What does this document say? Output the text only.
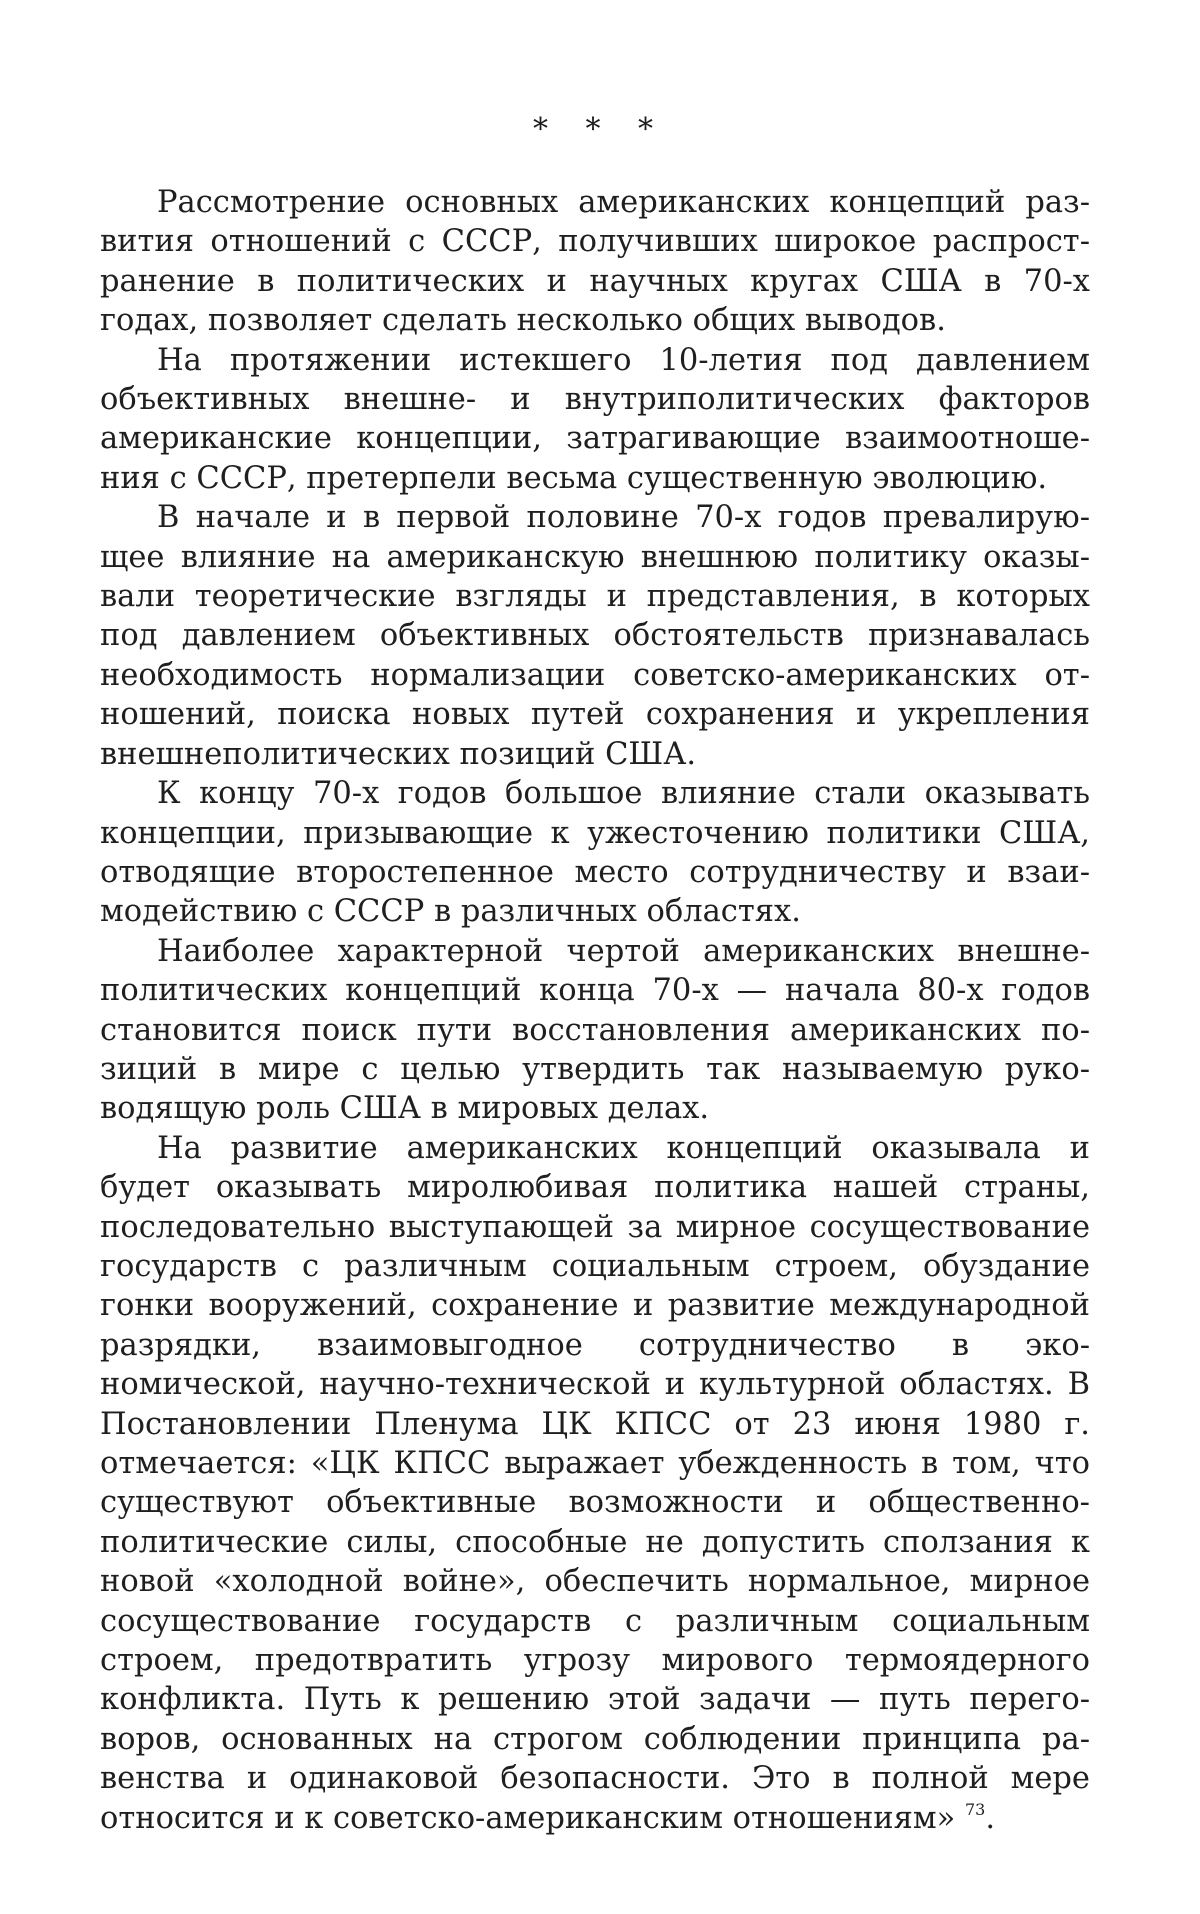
* * *

Рассмотрение основных американских концепций развития отношений с СССР, получивших широкое распространение в политических и научных кругах США в 70-х годах, позволяет сделать несколько общих выводов.

На протяжении истекшего 10-летия под давлением объективных внешне- и внутриполитических факторов американские концепции, затрагивающие взаимоотношения с СССР, претерпели весьма существенную эволюцию.

В начале и в первой половине 70-х годов превалирующее влияние на американскую внешнюю политику оказывали теоретические взгляды и представления, в которых под давлением объективных обстоятельств признавалась необходимость нормализации советско-американских отношений, поиска новых путей сохранения и укрепления внешнеполитических позиций США.

К концу 70-х годов большое влияние стали оказывать концепции, призывающие к ужесточению политики США, отводящие второстепенное место сотрудничеству и взаимодействию с СССР в различных областях.

Наиболее характерной чертой американских внешнеполитических концепций конца 70-х — начала 80-х годов становится поиск пути восстановления американских позиций в мире с целью утвердить так называемую руководящую роль США в мировых делах.

На развитие американских концепций оказывала и будет оказывать миролюбивая политика нашей страны, последовательно выступающей за мирное сосуществование государств с различным социальным строем, обуздание гонки вооружений, сохранение и развитие международной разрядки, взаимовыгодное сотрудничество в экономической, научно-технической и культурной областях. В Постановлении Пленума ЦК КПСС от 23 июня 1980 г. отмечается: «ЦК КПСС выражает убежденность в том, что существуют объективные возможности и общественно-политические силы, способные не допустить сползания к новой «холодной войне», обеспечить нормальное, мирное сосуществование государств с различным социальным строем, предотвратить угрозу мирового термоядерного конфликта. Путь к решению этой задачи — путь переговоров, основанных на строгом соблюдении принципа равенства и одинаковой безопасности. Это в полной мере относится и к советско-американским отношениям» $^{73}$.
